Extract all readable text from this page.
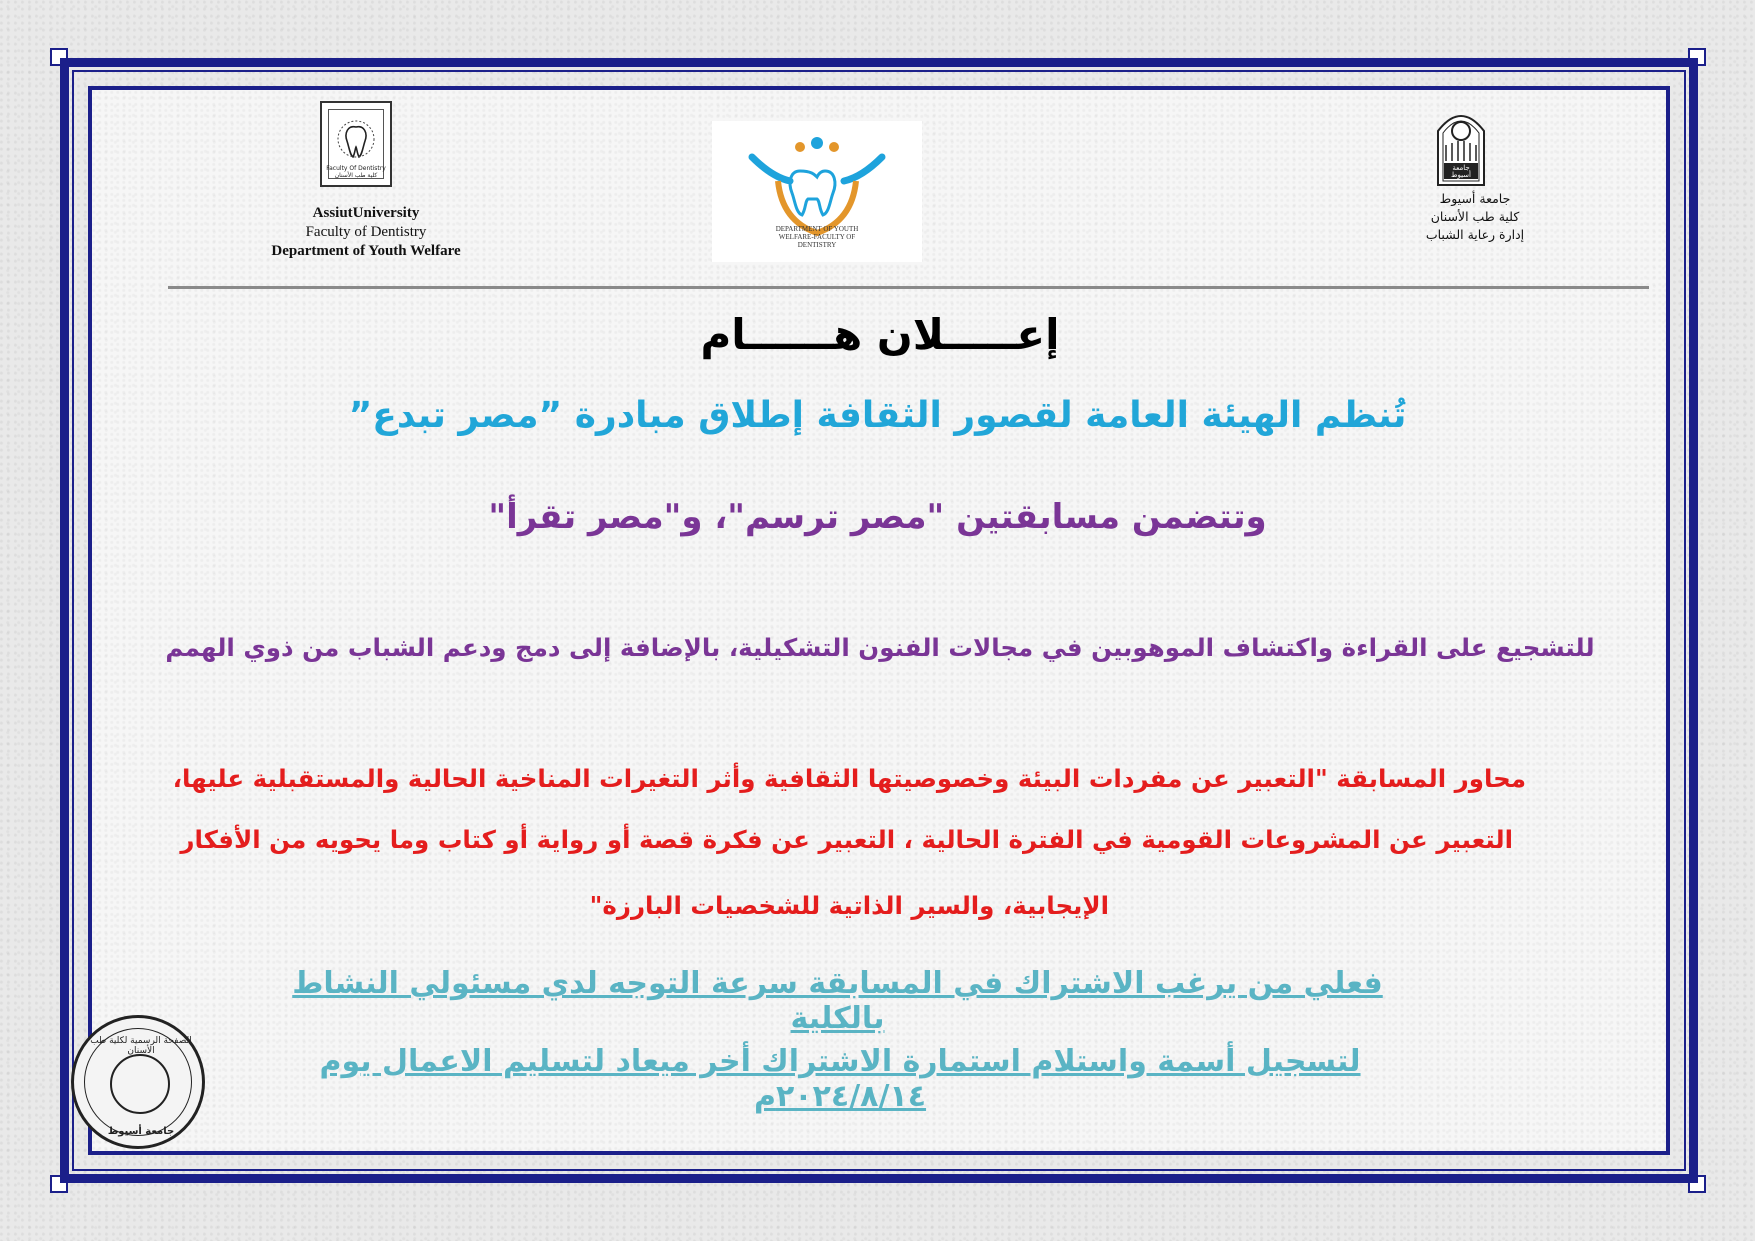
Faculty Of Dentistry كلية طب الأسنان
DEPARTMENT OF YOUTH WELFARE-FACULTY OF DENTISTRY
جامعة أسيوط
AssiutUniversity
Faculty of Dentistry
Department of Youth Welfare
جامعة أسيوط
كلية طب الأسنان
إدارة رعاية الشباب
إعـــــلان هــــــام
تُنظم الهيئة العامة لقصور الثقافة إطلاق مبادرة ”مصر تبدع”
وتتضمن مسابقتين "مصر ترسم"، و"مصر تقرأ"
للتشجيع على القراءة واكتشاف الموهوبين في مجالات الفنون التشكيلية، بالإضافة إلى دمج ودعم الشباب من ذوي الهمم
محاور المسابقة "التعبير عن مفردات البيئة وخصوصيتها الثقافية وأثر التغيرات المناخية الحالية والمستقبلية عليها،
التعبير عن المشروعات القومية في الفترة الحالية ، التعبير عن فكرة قصة أو رواية أو كتاب وما يحويه من الأفكار
الإيجابية، والسير الذاتية للشخصيات البارزة"
فعلي من يرغب الاشتراك في المسابقة سرعة التوجه لدي مسئولي النشاط بالكلية
لتسجيل أسمة واستلام استمارة الاشتراك أخر ميعاد لتسليم الاعمال يوم ٢٠٢٤/٨/١٤م
الصفحة الرسمية لكلية طب الأسنان
جامعة أسيوط
